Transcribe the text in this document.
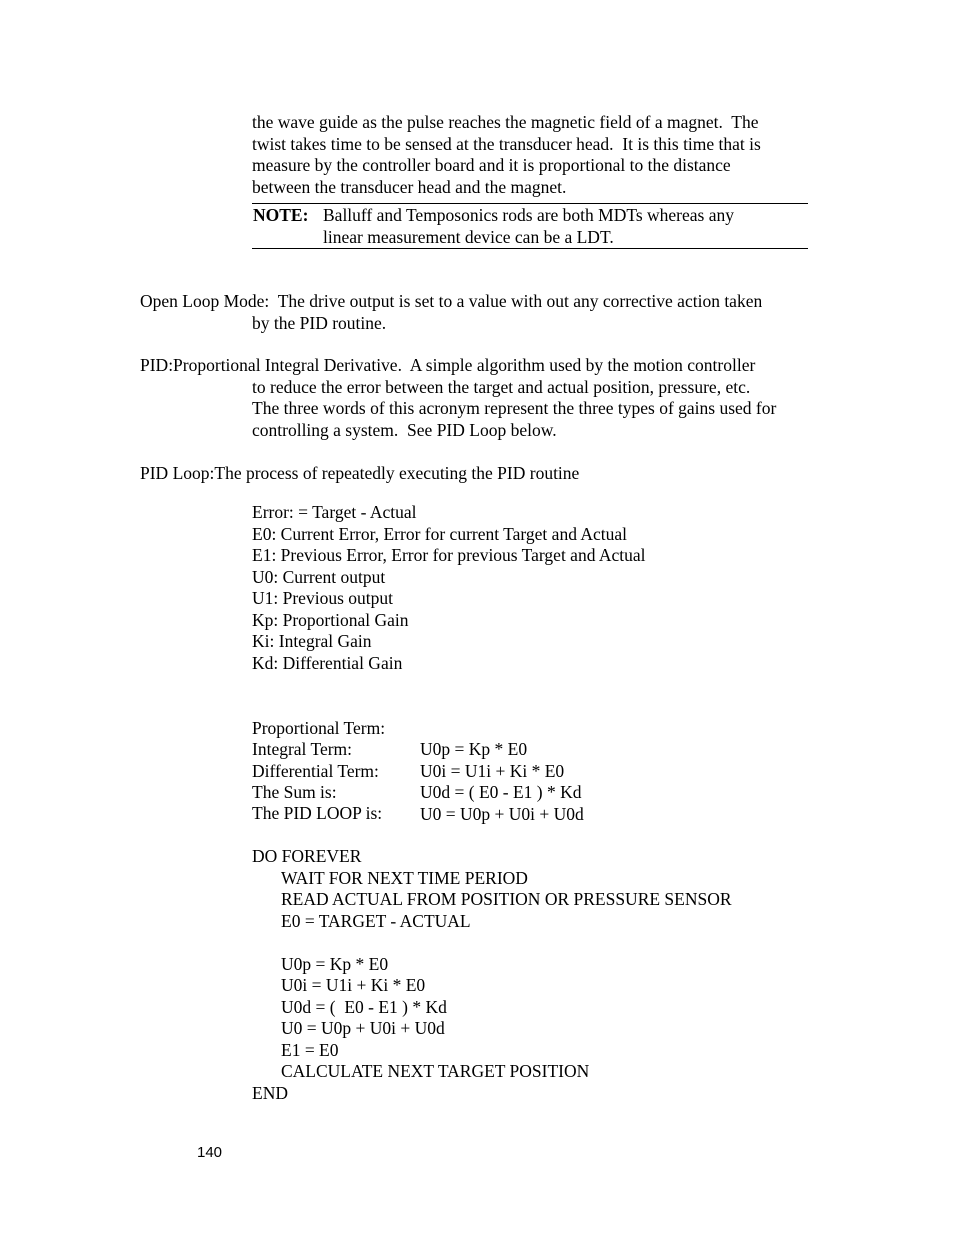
the wave guide as the pulse reaches the magnetic field of a magnet.  The
twist takes time to be sensed at the transducer head.  It is this time that is
measure by the controller board and it is proportional to the distance
between the transducer head and the magnet.
NOTE: Balluff and Temposonics rods are both MDTs whereas any
linear measurement device can be a LDT.
Open Loop Mode:  The drive output is set to a value with out any corrective action taken
by the PID routine.
PID:Proportional Integral Derivative.  A simple algorithm used by the motion controller
to reduce the error between the target and actual position, pressure, etc.
The three words of this acronym represent the three types of gains used for
controlling a system.  See PID Loop below.
PID Loop:The process of repeatedly executing the PID routine
Error: = Target - Actual
E0: Current Error, Error for current Target and Actual
E1: Previous Error, Error for previous Target and Actual
U0: Current output
U1: Previous output
Kp: Proportional Gain
Ki: Integral Gain
Kd: Differential Gain

Proportional Term:

U0p = Kp * E0

Integral Term:

U0i = U1i + Ki * E0

Differential Term:

U0d = ( E0 - E1 ) * Kd

The Sum is:

U0 = U0p + U0i + U0d

The PID LOOP is:
DO FOREVER
WAIT FOR NEXT TIME PERIOD
READ ACTUAL FROM POSITION OR PRESSURE SENSOR
E0 = TARGET - ACTUAL
U0p = Kp * E0
U0i = U1i + Ki * E0
U0d = (  E0 - E1 ) * Kd
U0 = U0p + U0i + U0d
E1 = E0
CALCULATE NEXT TARGET POSITION
END
140
